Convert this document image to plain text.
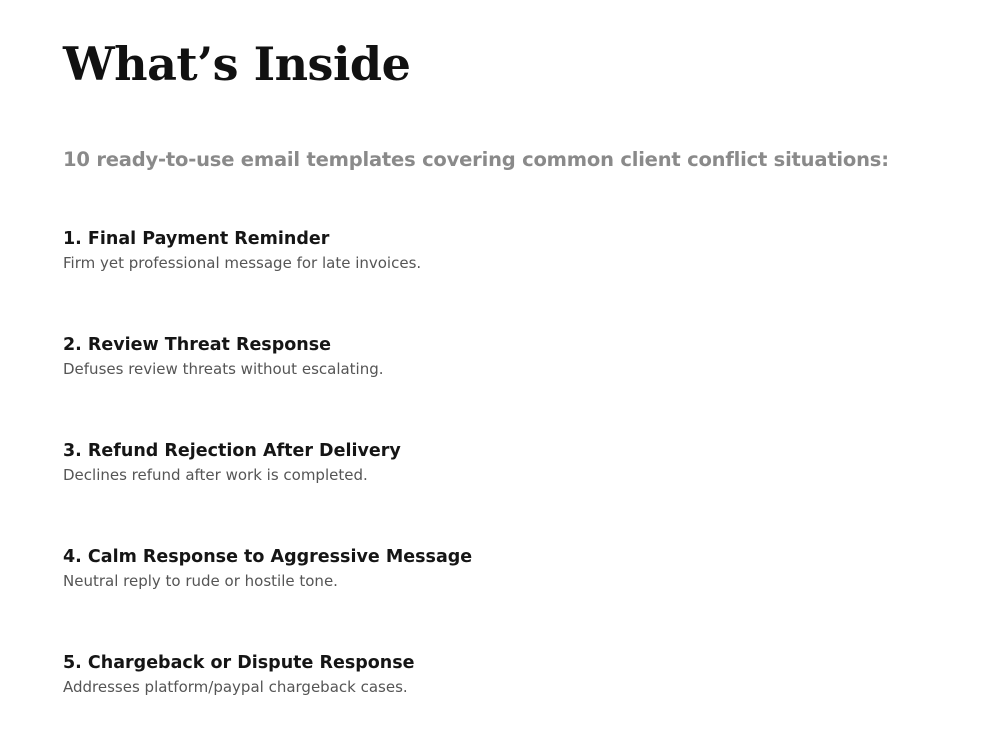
What’s Inside

10 ready-to-use email templates covering common client conflict situations:

1. Final Payment Reminder
Firm yet professional message for late invoices.
2. Review Threat Response
Defuses review threats without escalating.
3. Refund Rejection After Delivery
Declines refund after work is completed.
4. Calm Response to Aggressive Message
Neutral reply to rude or hostile tone.
5. Chargeback or Dispute Response
Addresses platform/paypal chargeback cases.
